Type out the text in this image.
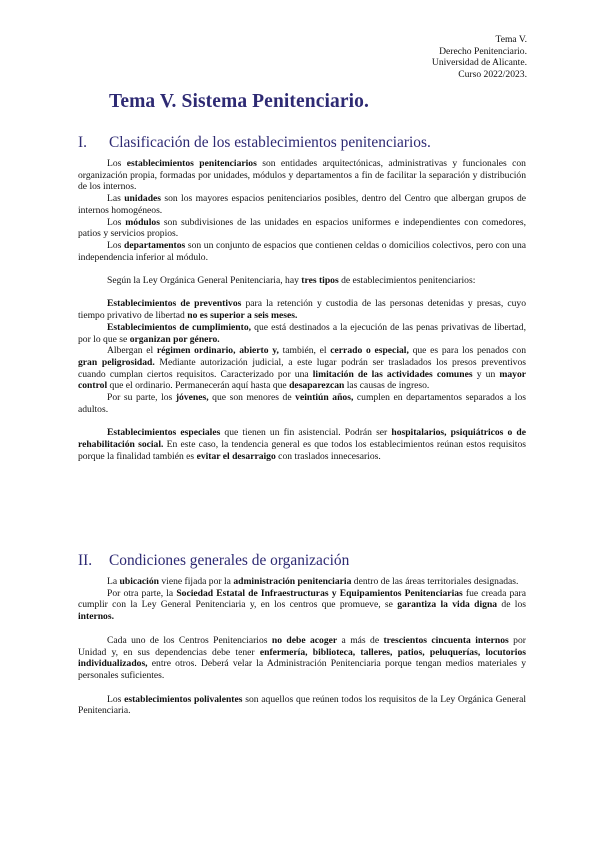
Tema V.
Derecho Penitenciario.
Universidad de Alicante.
Curso 2022/2023.
Tema V. Sistema Penitenciario.
I. Clasificación de los establecimientos penitenciarios.

Los establecimientos penitenciarios son entidades arquitectónicas, administrativas y funcionales con organización propia, formadas por unidades, módulos y departamentos a fin de facilitar la separación y distribución de los internos.

Las unidades son los mayores espacios penitenciarios posibles, dentro del Centro que albergan grupos de internos homogéneos.

Los módulos son subdivisiones de las unidades en espacios uniformes e independientes con comedores, patios y servicios propios.

Los departamentos son un conjunto de espacios que contienen celdas o domicilios colectivos, pero con una independencia inferior al módulo.

Según la Ley Orgánica General Penitenciaria, hay tres tipos de establecimientos penitenciarios:

Establecimientos de preventivos para la retención y custodia de las personas detenidas y presas, cuyo tiempo privativo de libertad no es superior a seis meses.

Establecimientos de cumplimiento, que está destinados a la ejecución de las penas privativas de libertad, por lo que se organizan por género.

Albergan el régimen ordinario, abierto y, también, el cerrado o especial, que es para los penados con gran peligrosidad. Mediante autorización judicial, a este lugar podrán ser trasladados los presos preventivos cuando cumplan ciertos requisitos. Caracterizado por una limitación de las actividades comunes y un mayor control que el ordinario. Permanecerán aquí hasta que desaparezcan las causas de ingreso.

Por su parte, los jóvenes, que son menores de veintiún años, cumplen en departamentos separados a los adultos.

Establecimientos especiales que tienen un fin asistencial. Podrán ser hospitalarios, psiquiátricos o de rehabilitación social. En este caso, la tendencia general es que todos los establecimientos reúnan estos requisitos porque la finalidad también es evitar el desarraigo con traslados innecesarios.

II. Condiciones generales de organización

La ubicación viene fijada por la administración penitenciaria dentro de las áreas territoriales designadas.

Por otra parte, la Sociedad Estatal de Infraestructuras y Equipamientos Penitenciarias fue creada para cumplir con la Ley General Penitenciaria y, en los centros que promueve, se garantiza la vida digna de los internos.

Cada uno de los Centros Penitenciarios no debe acoger a más de trescientos cincuenta internos por Unidad y, en sus dependencias debe tener enfermería, biblioteca, talleres, patios, peluquerías, locutorios individualizados, entre otros. Deberá velar la Administración Penitenciaria porque tengan medios materiales y personales suficientes.

Los establecimientos polivalentes son aquellos que reúnen todos los requisitos de la Ley Orgánica General Penitenciaria.
